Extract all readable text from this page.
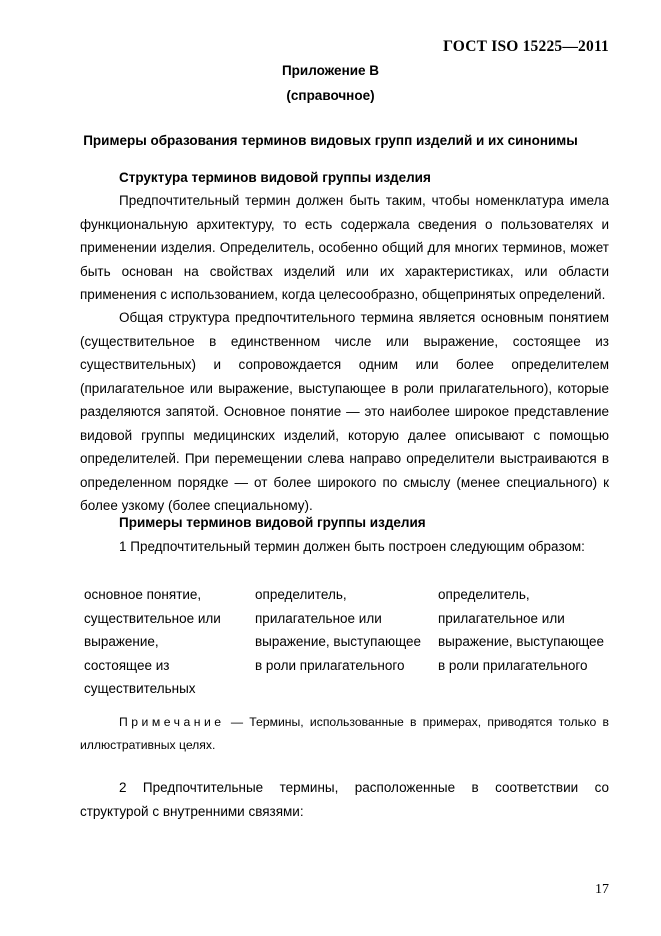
ГОСТ ISO 15225—2011
Приложение В
(справочное)
Примеры образования терминов видовых групп изделий и их синонимы
Структура терминов видовой группы изделия

Предпочтительный термин должен быть таким, чтобы номенклатура имела функциональную архитектуру, то есть содержала сведения о пользователях и применении изделия. Определитель, особенно общий для многих терминов, может быть основан на свойствах изделий или их характеристиках, или области применения с использованием, когда целесообразно, общепринятых определений.

Общая структура предпочтительного термина является основным понятием (существительное в единственном числе или выражение, состоящее из существительных) и сопровождается одним или более определителем (прилагательное или выражение, выступающее в роли прилагательного), которые разделяются запятой. Основное понятие — это наиболее широкое представление видовой группы медицинских изделий, которую далее описывают с помощью определителей. При перемещении слева направо определители выстраиваются в определенном порядке — от более широкого по смыслу (менее специального) к более узкому (более специальному).

Примеры терминов видовой группы изделия
1 Предпочтительный термин должен быть построен следующим образом:
основное понятие,
существительное или
выражение,
состоящее из
существительных
определитель,
прилагательное или
выражение, выступающее
в роли прилагательного
определитель,
прилагательное или
выражение, выступающее
в роли прилагательного

Примечание — Термины, использованные в примерах, приводятся только в иллюстративных целях.

2 Предпочтительные термины, расположенные в соответствии со
структурой с внутренними связями:
17
